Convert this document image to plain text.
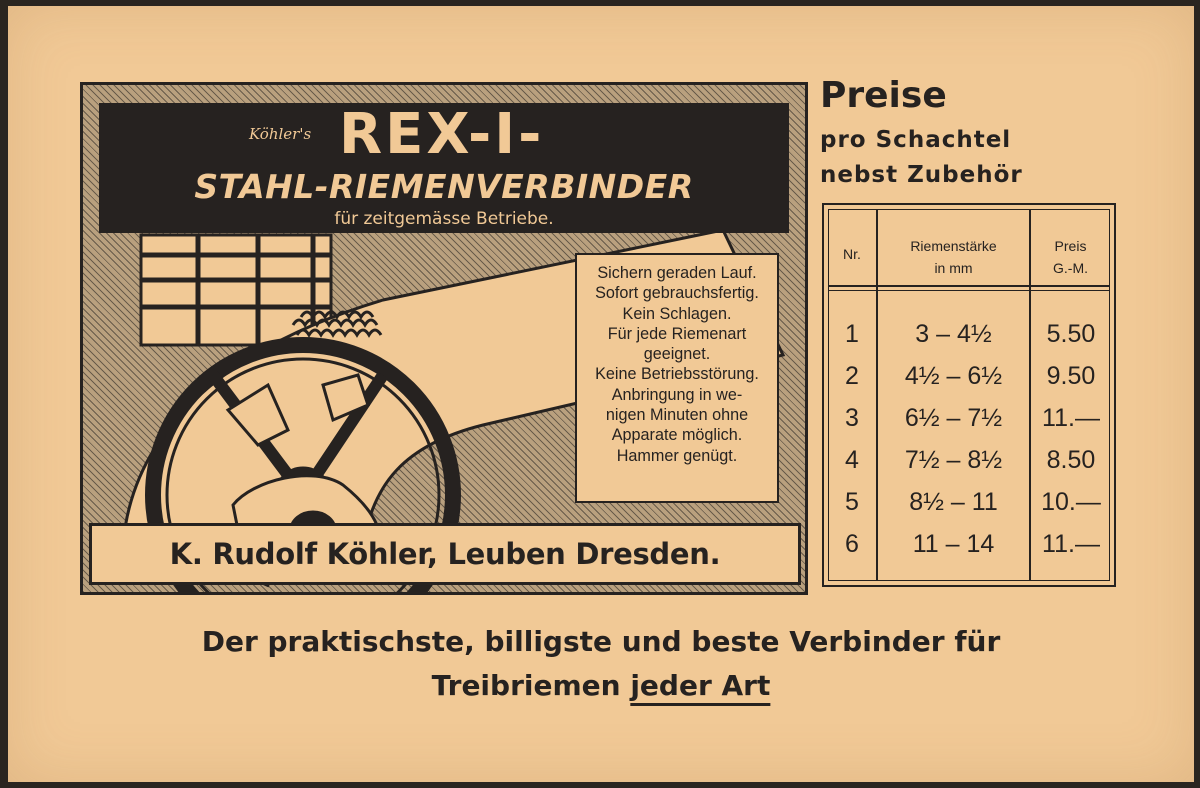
Köhler's REX-I-
STAHL-RIEMENVERBINDER
für zeitgemässe Betriebe.
Sichern geraden Lauf.
Sofort gebrauchsfertig.
Kein Schlagen.
Für jede Riemenart
geeignet.
Keine Betriebsstörung.
Anbringung in we-
nigen Minuten ohne
Apparate möglich.
Hammer genügt.
K. Rudolf Köhler, Leuben Dresden.
Preise
pro Schachtel
nebst Zubehör
Nr.	Riemenstärke
in mm
Preis
G.-M.
1	3 – 4½	5.50
2	4½ – 6½	9.50
3	6½ – 7½	11.—
4	7½ – 8½	8.50
5	8½ – 11	10.—
6	11 – 14	11.—
Der praktischste, billigste und beste Verbinder für
Treibriemen jeder Art
